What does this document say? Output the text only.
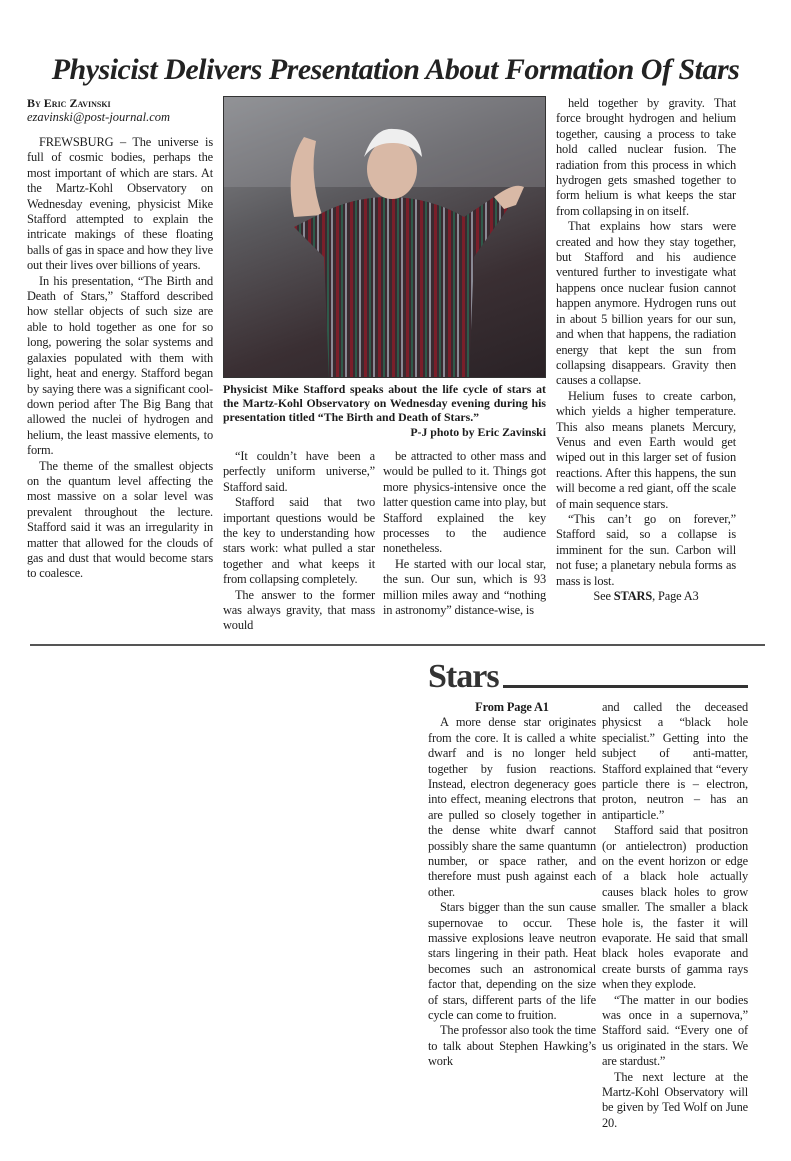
Physicist Delivers Presentation About Formation Of Stars
By Eric Zavinski
ezavinski@post-journal.com

FREWSBURG – The universe is full of cosmic bodies, perhaps the most important of which are stars. At the Martz-Kohl Observatory on Wednesday evening, physicist Mike Stafford attempted to explain the intricate makings of these floating balls of gas in space and how they live out their lives over billions of years.

In his presentation, “The Birth and Death of Stars,” Stafford described how stellar objects of such size are able to hold together as one for so long, powering the solar systems and galaxies populated with them with light, heat and energy. Stafford began by saying there was a significant cool-down period after The Big Bang that allowed the nuclei of hydrogen and helium, the least massive elements, to form.

The theme of the smallest objects on the quantum level affecting the most massive on a solar level was prevalent throughout the lecture. Stafford said it was an irregularity in matter that allowed for the clouds of gas and dust that would become stars to coalesce.

Physicist Mike Stafford speaks about the life cycle of stars at the Martz-Kohl Observatory on Wednesday evening during his presentation titled “The Birth and Death of Stars.”
P-J photo by Eric Zavinski

“It couldn’t have been a perfectly uniform universe,” Stafford said.

Stafford said that two important questions would be the key to understanding how stars work: what pulled a star together and what keeps it from collapsing completely.

The answer to the former was always gravity, that mass would

be attracted to other mass and would be pulled to it. Things got more physics-intensive once the latter question came into play, but Stafford explained the key processes to the audience nonetheless.

He started with our local star, the sun. Our sun, which is 93 million miles away and “nothing in astronomy” distance-wise, is

held together by gravity. That force brought hydrogen and helium together, causing a process to take hold called nuclear fusion. The radiation from this process in which hydrogen gets smashed together to form helium is what keeps the star from collapsing in on itself.

That explains how stars were created and how they stay together, but Stafford and his audience ventured further to investigate what happens once nuclear fusion cannot happen anymore. Hydrogen runs out in about 5 billion years for our sun, and when that happens, the radiation energy that kept the sun from collapsing disappears. Gravity then causes a collapse.

Helium fuses to create carbon, which yields a higher temperature. This also means planets Mercury, Venus and even Earth would get wiped out in this larger set of fusion reactions. After this happens, the sun will become a red giant, off the scale of main sequence stars.

“This can’t go on forever,” Stafford said, so a collapse is imminent for the sun. Carbon will not fuse; a planetary nebula forms as mass is lost.

See STARS, Page A3

Stars
From Page A1

A more dense star originates from the core. It is called a white dwarf and is no longer held together by fusion reactions. Instead, electron degeneracy goes into effect, meaning electrons that are pulled so closely together in the dense white dwarf cannot possibly share the same quantumn number, or space rather, and therefore must push against each other.

Stars bigger than the sun cause supernovae to occur. These massive explosions leave neutron stars lingering in their path. Heat becomes such an astronomical factor that, depending on the size of stars, different parts of the life cycle can come to fruition.

The professor also took the time to talk about Stephen Hawking’s work

and called the deceased physicst a “black hole specialist.” Getting into the subject of anti-matter, Stafford explained that “every particle there is – electron, proton, neutron – has an antiparticle.”

Stafford said that positron (or antielectron) production on the event horizon or edge of a black hole actually causes black holes to grow smaller. The smaller a black hole is, the faster it will evaporate. He said that small black holes evaporate and create bursts of gamma rays when they explode.

“The matter in our bodies was once in a supernova,” Stafford said. “Every one of us originated in the stars. We are stardust.”

The next lecture at the Martz-Kohl Observatory will be given by Ted Wolf on June 20.
